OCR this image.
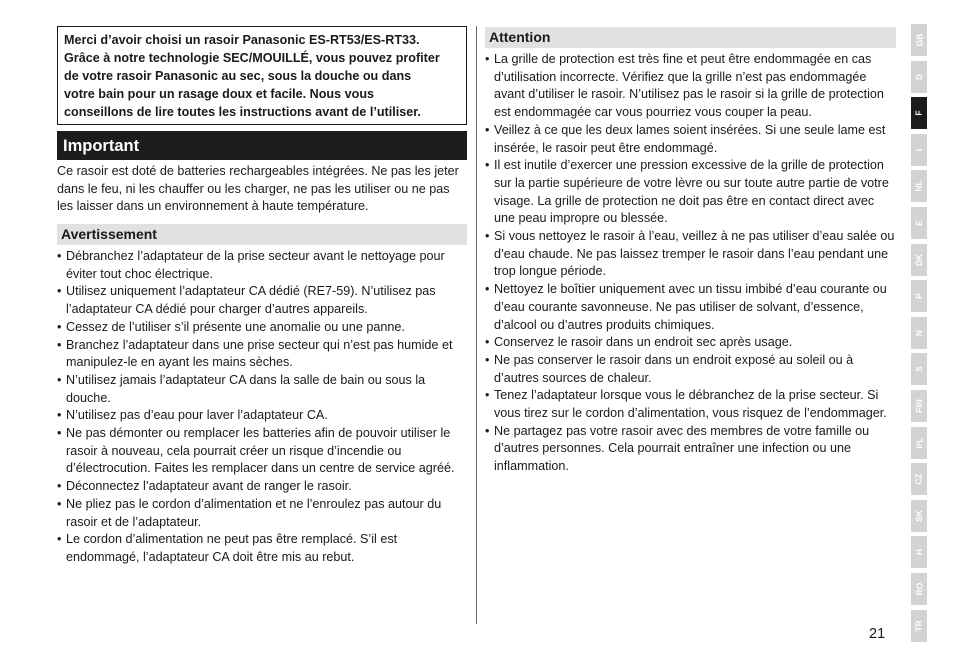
Merci d’avoir choisi un rasoir Panasonic ES-RT53/ES-RT33.

Grâce à notre technologie SEC/MOUILLÉ, vous pouvez profiter

de votre rasoir Panasonic au sec, sous la douche ou dans

votre bain pour un rasage doux et facile. Nous vous

conseillons de lire toutes les instructions avant de l’utiliser.

Important

Ce rasoir est doté de batteries rechargeables intégrées. Ne pas les jeter dans le feu, ni les chauffer ou les charger, ne pas les utiliser ou ne pas les laisser dans un environnement à haute température.

Avertissement
• Débranchez l’adaptateur de la prise secteur avant le nettoyage pour éviter tout choc électrique.
• Utilisez uniquement l’adaptateur CA dédié (RE7-59). N’utilisez pas l’adaptateur CA dédié pour charger d’autres appareils.
• Cessez de l’utiliser s’il présente une anomalie ou une panne.
• Branchez l’adaptateur dans une prise secteur qui n’est pas humide et manipulez-le en ayant les mains sèches.
• N’utilisez jamais l’adaptateur CA dans la salle de bain ou sous la douche.
• N’utilisez pas d’eau pour laver l’adaptateur CA.
• Ne pas démonter ou remplacer les batteries afin de pouvoir utiliser le rasoir à nouveau, cela pourrait créer un risque d’incendie ou d’électrocution. Faites les remplacer dans un centre de service agréé.
• Déconnectez l’adaptateur avant de ranger le rasoir.
• Ne pliez pas le cordon d’alimentation et ne l’enroulez pas autour du rasoir et de l’adaptateur.
• Le cordon d’alimentation ne peut pas être remplacé. S’il est endommagé, l’adaptateur CA doit être mis au rebut.
Attention
• La grille de protection est très fine et peut être endommagée en cas d’utilisation incorrecte. Vérifiez que la grille n’est pas endommagée avant d’utiliser le rasoir. N’utilisez pas le rasoir si la grille de protection est endommagée car vous pourriez vous couper la peau.
• Veillez à ce que les deux lames soient insérées. Si une seule lame est insérée, le rasoir peut être endommagé.
• Il est inutile d’exercer une pression excessive de la grille de protection sur la partie supérieure de votre lèvre ou sur toute autre partie de votre visage. La grille de protection ne doit pas être en contact direct avec une peau impropre ou blessée.
• Si vous nettoyez le rasoir à l’eau, veillez à ne pas utiliser d’eau salée ou d’eau chaude. Ne pas laissez tremper le rasoir dans l’eau pendant une trop longue période.
• Nettoyez le boîtier uniquement avec un tissu imbibé d’eau courante ou d’eau courante savonneuse. Ne pas utiliser de solvant, d’essence, d’alcool ou d’autres produits chimiques.
• Conservez le rasoir dans un endroit sec après usage.
• Ne pas conserver le rasoir dans un endroit exposé au soleil ou à d’autres sources de chaleur.
• Tenez l’adaptateur lorsque vous le débranchez de la prise secteur. Si vous tirez sur le cordon d’alimentation, vous risquez de l’endommager.
• Ne partagez pas votre rasoir avec des membres de votre famille ou d’autres personnes. Cela pourrait entraîner une infection ou une inflammation.
GB
D
F
I
NL
E
DK
P
N
S
FIN
PL
CZ
SK
H
RO
TR
21
